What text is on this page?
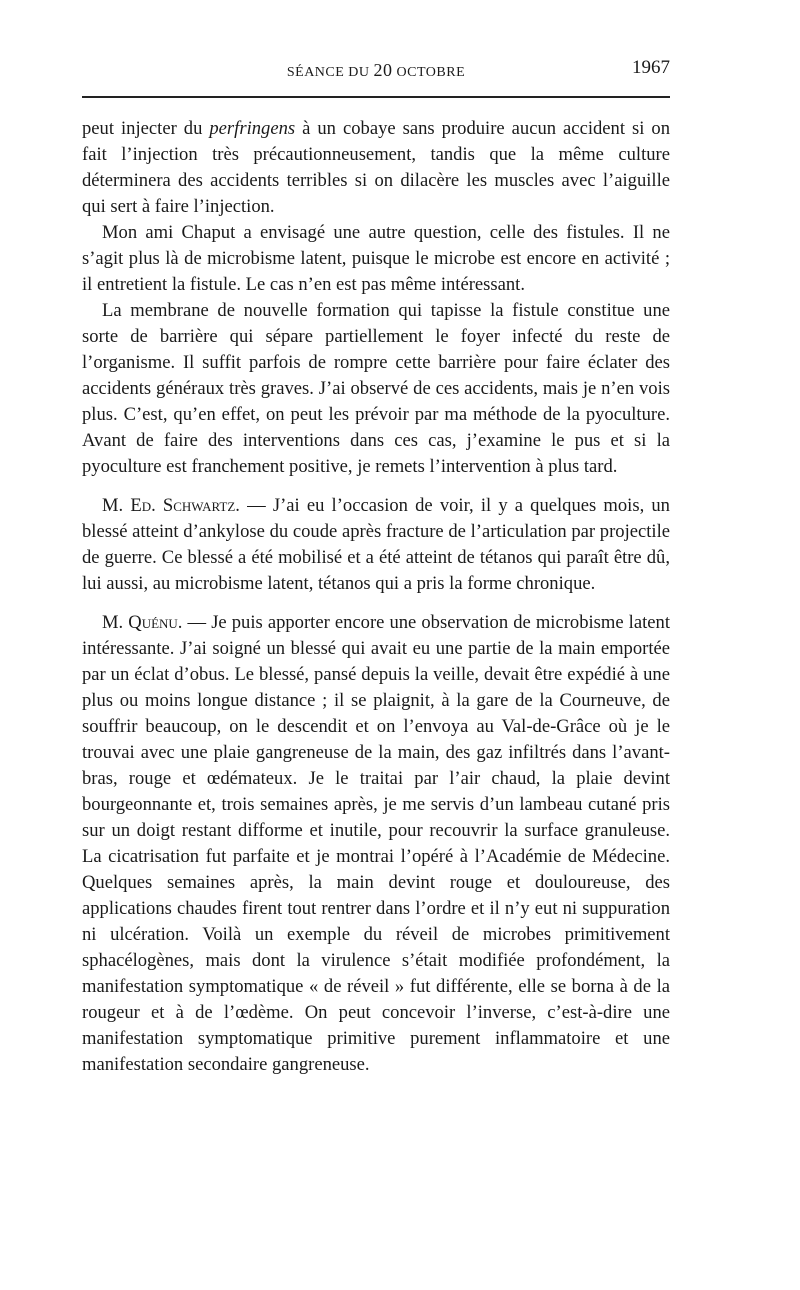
SÉANCE DU 20 OCTOBRE	1967

peut injecter du perfringens à un cobaye sans produire aucun accident si on fait l’injection très précautionneusement, tandis que la même culture déterminera des accidents terribles si on dilacère les muscles avec l’aiguille qui sert à faire l’injection.

Mon ami Chaput a envisagé une autre question, celle des fistules. Il ne s’agit plus là de microbisme latent, puisque le microbe est encore en activité ; il entretient la fistule. Le cas n’en est pas même intéressant.

La membrane de nouvelle formation qui tapisse la fistule constitue une sorte de barrière qui sépare partiellement le foyer infecté du reste de l’organisme. Il suffit parfois de rompre cette barrière pour faire éclater des accidents généraux très graves. J’ai observé de ces accidents, mais je n’en vois plus. C’est, qu’en effet, on peut les prévoir par ma méthode de la pyoculture. Avant de faire des interventions dans ces cas, j’examine le pus et si la pyoculture est franchement positive, je remets l’intervention à plus tard.

M. Ed. Schwartz. — J’ai eu l’occasion de voir, il y a quelques mois, un blessé atteint d’ankylose du coude après fracture de l’articulation par projectile de guerre. Ce blessé a été mobilisé et a été atteint de tétanos qui paraît être dû, lui aussi, au microbisme latent, tétanos qui a pris la forme chronique.

M. Quénu. — Je puis apporter encore une observation de microbisme latent intéressante. J’ai soigné un blessé qui avait eu une partie de la main emportée par un éclat d’obus. Le blessé, pansé depuis la veille, devait être expédié à une plus ou moins longue distance ; il se plaignit, à la gare de la Courneuve, de souffrir beaucoup, on le descendit et on l’envoya au Val-de-Grâce où je le trouvai avec une plaie gangreneuse de la main, des gaz infiltrés dans l’avant-bras, rouge et œdémateux. Je le traitai par l’air chaud, la plaie devint bourgeonnante et, trois semaines après, je me servis d’un lambeau cutané pris sur un doigt restant difforme et inutile, pour recouvrir la surface granuleuse. La cicatrisation fut parfaite et je montrai l’opéré à l’Académie de Médecine. Quelques semaines après, la main devint rouge et douloureuse, des applications chaudes firent tout rentrer dans l’ordre et il n’y eut ni suppuration ni ulcération. Voilà un exemple du réveil de microbes primitivement sphacélogènes, mais dont la virulence s’était modifiée profondément, la manifestation symptomatique « de réveil » fut différente, elle se borna à de la rougeur et à de l’œdème. On peut concevoir l’inverse, c’est-à-dire une manifestation symptomatique primitive purement inflammatoire et une manifestation secondaire gangreneuse.
